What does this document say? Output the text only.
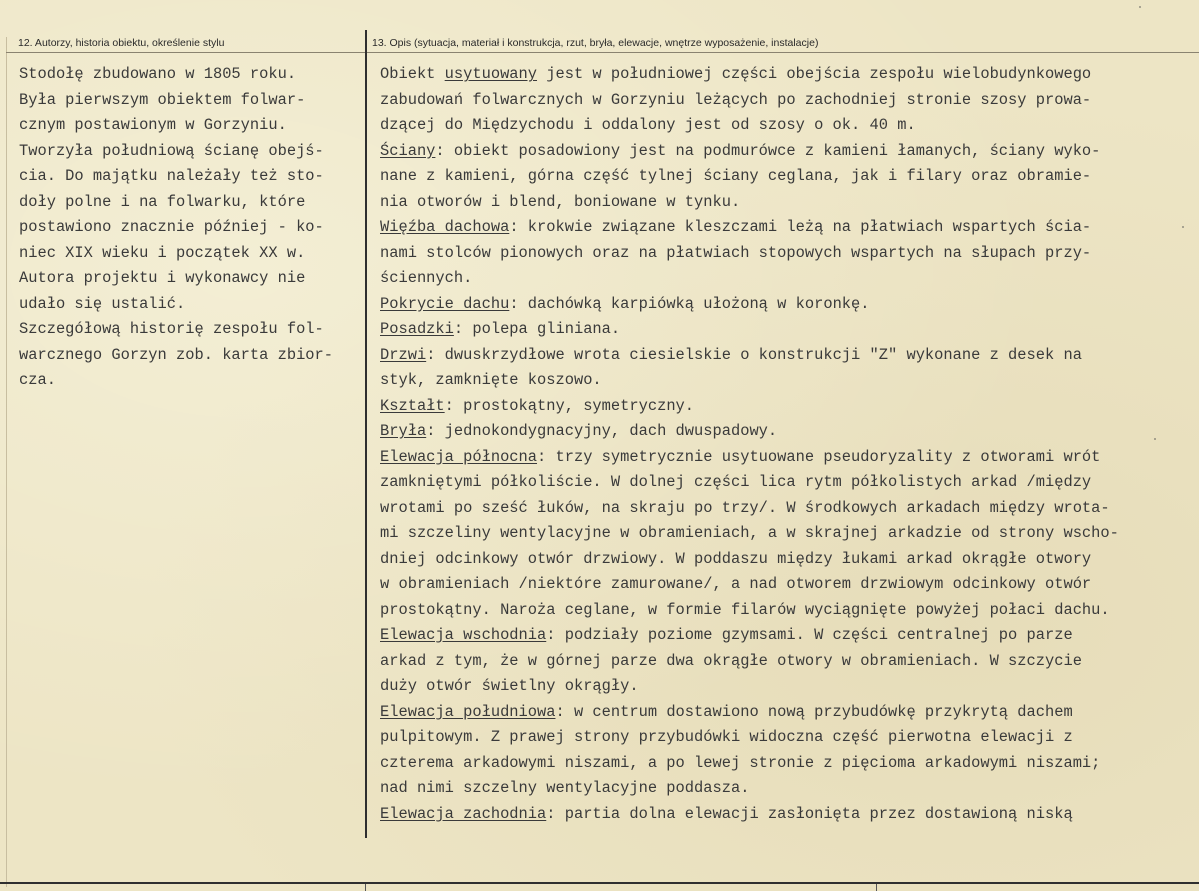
12. Autorzy, historia obiektu, określenie stylu	13. Opis (sytuacja, materiał i konstrukcja, rzut, bryła, elewacje, wnętrze wyposażenie, instalacje)
Stodołę zbudowano w 1805 roku.
Była pierwszym obiektem folwar-
cznym postawionym w Gorzyniu.
Tworzyła południową ścianę obejś-
cia. Do majątku należały też sto-
doły polne i na folwarku, które
postawiono znacznie później - ko-
niec XIX wieku i początek XX w.
Autora projektu i wykonawcy nie
udało się ustalić.
Szczegółową historię zespołu fol-
warcznego Gorzyn zob. karta zbior-
cza.
Obiekt usytuowany jest w południowej części obejścia zespołu wielobudynkowego
zabudowań folwarcznych w Gorzyniu leżących po zachodniej stronie szosy prowa-
dzącej do Międzychodu i oddalony jest od szosy o ok. 40 m.
Ściany: obiekt posadowiony jest na podmurówce z kamieni łamanych, ściany wyko-
nane z kamieni, górna część tylnej ściany ceglana, jak i filary oraz obramie-
nia otworów i blend, boniowane w tynku.
Więźba dachowa: krokwie związane kleszczami leżą na płatwiach wspartych ścia-
nami stolców pionowych oraz na płatwiach stopowych wspartych na słupach przy-
ściennych.
Pokrycie dachu: dachówką karpiówką ułożoną w koronkę.
Posadzki: polepa gliniana.
Drzwi: dwuskrzydłowe wrota ciesielskie o konstrukcji "Z" wykonane z desek na
styk, zamknięte koszowo.
Kształt: prostokątny, symetryczny.
Bryła: jednokondygnacyjny, dach dwuspadowy.
Elewacja północna: trzy symetrycznie usytuowane pseudoryzality z otworami wrót
zamkniętymi półkoliście. W dolnej części lica rytm półkolistych arkad /między
wrotami po sześć łuków, na skraju po trzy/. W środkowych arkadach między wrota-
mi szczeliny wentylacyjne w obramieniach, a w skrajnej arkadzie od strony wscho-
dniej odcinkowy otwór drzwiowy. W poddaszu między łukami arkad okrągłe otwory
w obramieniach /niektóre zamurowane/, a nad otworem drzwiowym odcinkowy otwór
prostokątny. Naroża ceglane, w formie filarów wyciągnięte powyżej połaci dachu.
Elewacja wschodnia: podziały poziome gzymsami. W części centralnej po parze
arkad z tym, że w górnej parze dwa okrągłe otwory w obramieniach. W szczycie
duży otwór świetlny okrągły.
Elewacja południowa: w centrum dostawiono nową przybudówkę przykrytą dachem
pulpitowym. Z prawej strony przybudówki widoczna część pierwotna elewacji z
czterema arkadowymi niszami, a po lewej stronie z pięcioma arkadowymi niszami;
nad nimi szczelny wentylacyjne poddasza.
Elewacja zachodnia: partia dolna elewacji zasłonięta przez dostawioną niską
